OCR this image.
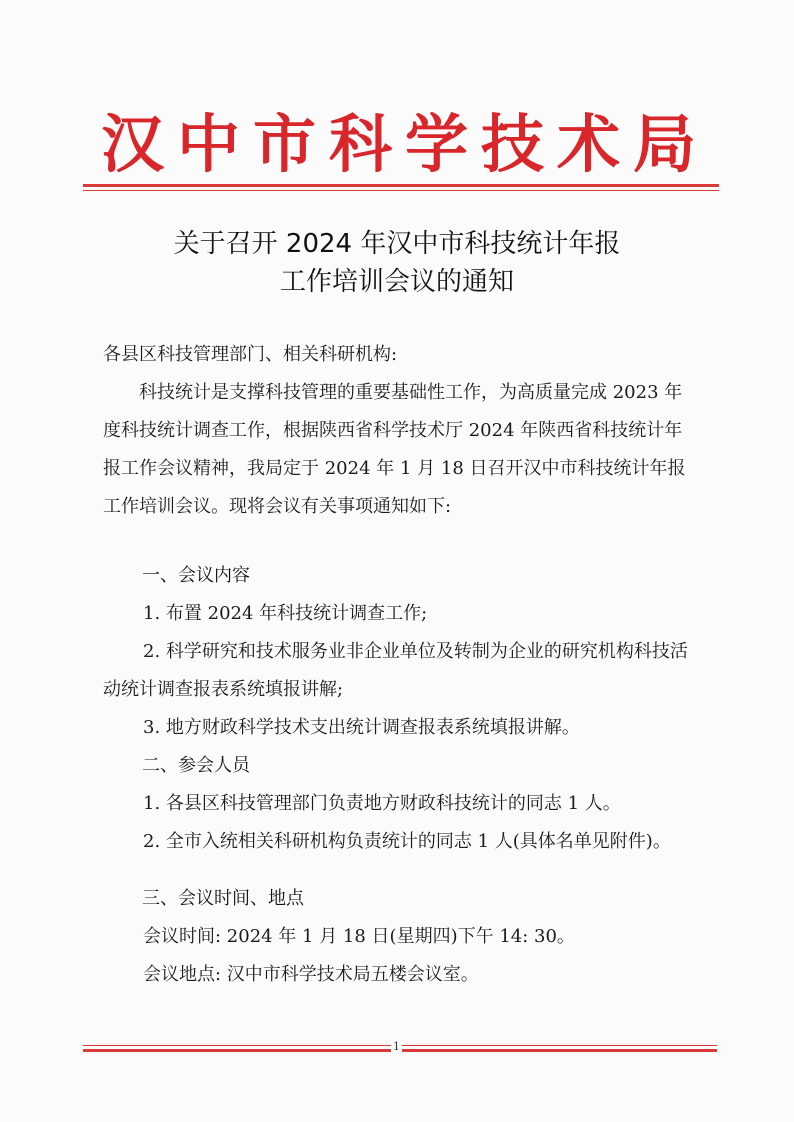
汉中市科学技术局
关于召开 2024 年汉中市科技统计年报
工作培训会议的通知
各县区科技管理部门、相关科研机构:
科技统计是支撑科技管理的重要基础性工作，为高质量完成 2023 年度科技统计调查工作，根据陕西省科学技术厅 2024 年陕西省科技统计年报工作会议精神，我局定于 2024 年 1 月 18 日召开汉中市科技统计年报工作培训会议。现将会议有关事项通知如下:
一、会议内容
1. 布置 2024 年科技统计调查工作;
2. 科学研究和技术服务业非企业单位及转制为企业的研究机构科技活动统计调查报表系统填报讲解;
3. 地方财政科学技术支出统计调查报表系统填报讲解。
二、参会人员
1. 各县区科技管理部门负责地方财政科技统计的同志 1 人。
2. 全市入统相关科研机构负责统计的同志 1 人(具体名单见附件)。
三、会议时间、地点
会议时间: 2024 年 1 月 18 日(星期四)下午 14: 30。
会议地点: 汉中市科学技术局五楼会议室。
1
